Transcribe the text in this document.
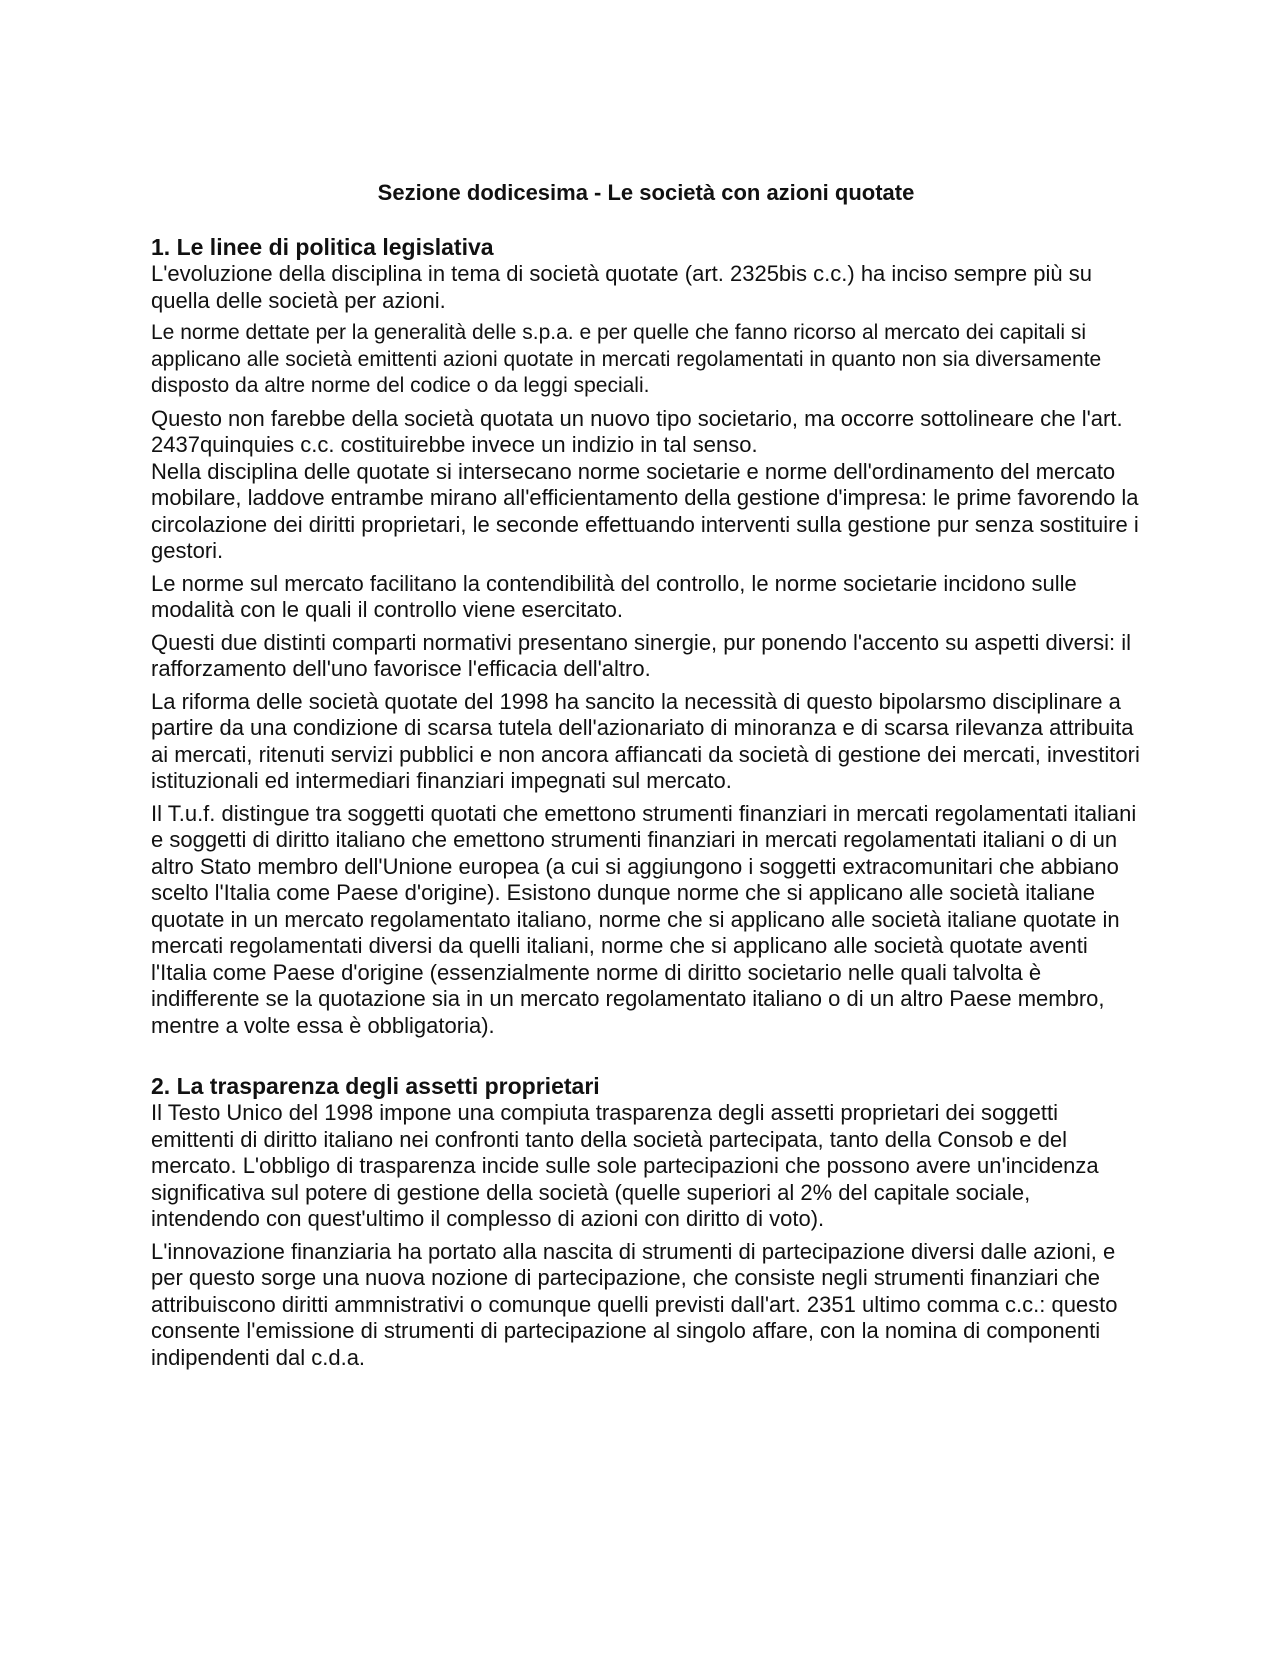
Sezione dodicesima - Le società con azioni quotate
1. Le linee di politica legislativa

L'evoluzione della disciplina in tema di società quotate (art. 2325bis c.c.) ha inciso sempre più su quella delle società per azioni.

Le norme dettate per la generalità delle s.p.a. e per quelle che fanno ricorso al mercato dei capitali si applicano alle società emittenti azioni quotate in mercati regolamentati in quanto non sia diversamente disposto da altre norme del codice o da leggi speciali.

Questo non farebbe della società quotata un nuovo tipo societario, ma occorre sottolineare che l'art. 2437quinquies c.c. costituirebbe invece un indizio in tal senso.

Nella disciplina delle quotate si intersecano norme societarie e norme dell'ordinamento del mercato mobilare, laddove entrambe mirano all'efficientamento della gestione d'impresa: le prime favorendo la circolazione dei diritti proprietari, le seconde effettuando interventi sulla gestione pur senza sostituire i gestori.

Le norme sul mercato facilitano la contendibilità del controllo, le norme societarie incidono sulle modalità con le quali il controllo viene esercitato.

Questi due distinti comparti normativi presentano sinergie, pur ponendo l'accento su aspetti diversi: il rafforzamento dell'uno favorisce l'efficacia dell'altro.

La riforma delle società quotate del 1998 ha sancito la necessità di questo bipolarsmo disciplinare a partire da una condizione di scarsa tutela dell'azionariato di minoranza e di scarsa rilevanza attribuita ai mercati, ritenuti servizi pubblici e non ancora affiancati da società di gestione dei mercati, investitori istituzionali ed intermediari finanziari impegnati sul mercato.

Il T.u.f. distingue tra soggetti quotati che emettono strumenti finanziari in mercati regolamentati italiani e soggetti di diritto italiano che emettono strumenti finanziari in mercati regolamentati italiani o di un altro Stato membro dell'Unione europea (a cui si aggiungono i soggetti extracomunitari che abbiano scelto l'Italia come Paese d'origine). Esistono dunque norme che si applicano alle società italiane quotate in un mercato regolamentato italiano, norme che si applicano alle società italiane quotate in mercati regolamentati diversi da quelli italiani, norme che si applicano alle società quotate aventi l'Italia come Paese d'origine (essenzialmente norme di diritto societario nelle quali talvolta è indifferente se la quotazione sia in un mercato regolamentato italiano o di un altro Paese membro, mentre a volte essa è obbligatoria).

2. La trasparenza degli assetti proprietari

Il Testo Unico del 1998 impone una compiuta trasparenza degli assetti proprietari dei soggetti emittenti di diritto italiano nei confronti tanto della società partecipata, tanto della Consob e del mercato. L'obbligo di trasparenza incide sulle sole partecipazioni che possono avere un'incidenza significativa sul potere di gestione della società (quelle superiori al 2% del capitale sociale, intendendo con quest'ultimo il complesso di azioni con diritto di voto).

L'innovazione finanziaria ha portato alla nascita di strumenti di partecipazione diversi dalle azioni, e per questo sorge una nuova nozione di partecipazione, che consiste negli strumenti finanziari che attribuiscono diritti ammnistrativi o comunque quelli previsti dall'art. 2351 ultimo comma c.c.: questo consente l'emissione di strumenti di partecipazione al singolo affare, con la nomina di componenti indipendenti dal c.d.a.
